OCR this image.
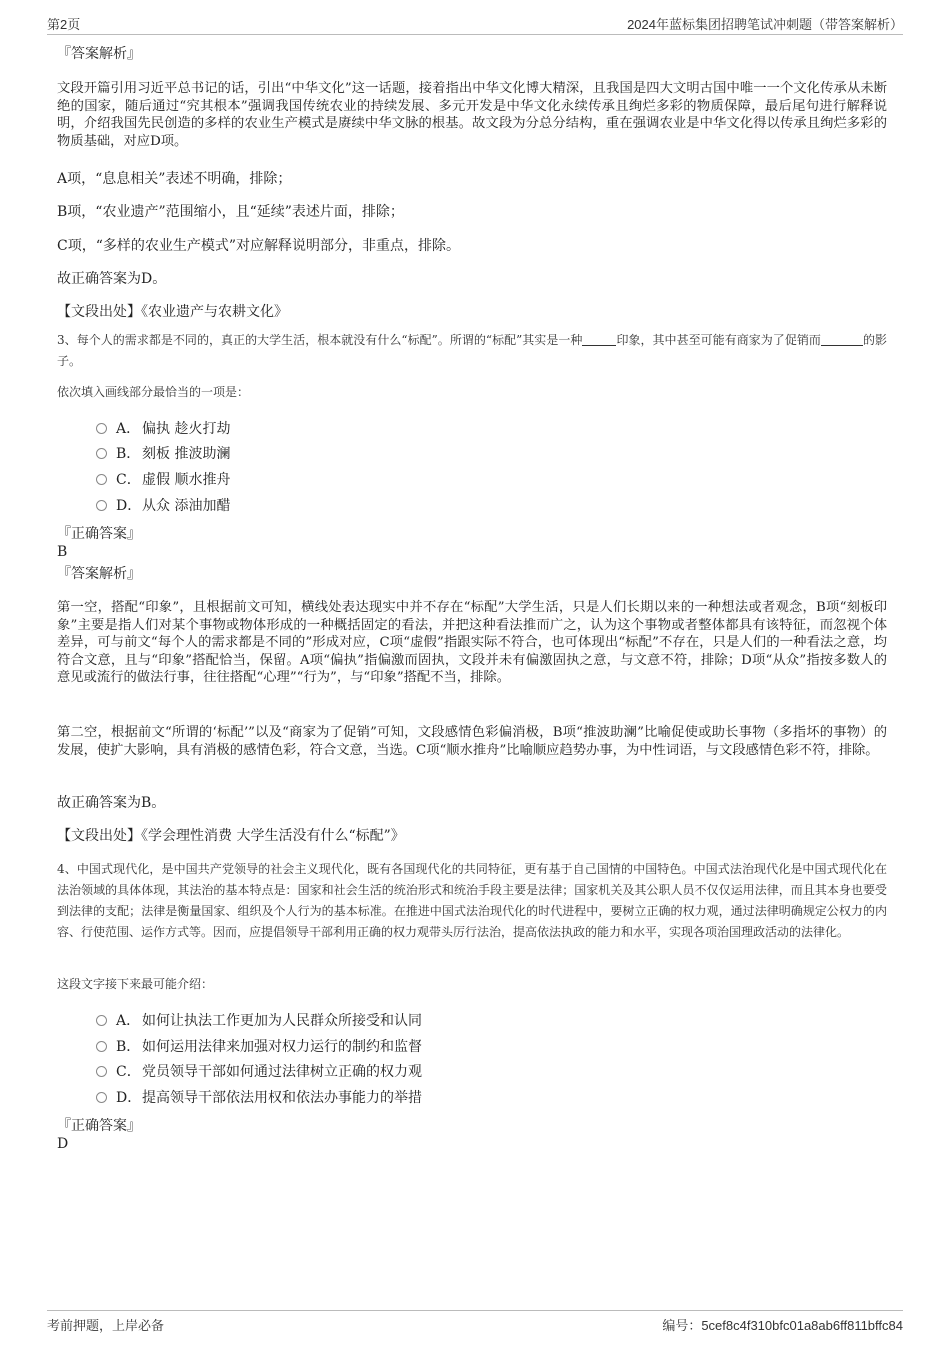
第2页	2024年蓝标集团招聘笔试冲刺题（带答案解析）
『答案解析』
文段开篇引用习近平总书记的话，引出“中华文化”这一话题，接着指出中华文化博大精深，且我国是四大文明古国中唯一一个文化传承从未断绝的国家，随后通过“究其根本”强调我国传统农业的持续发展、多元开发是中华文化永续传承且绚烂多彩的物质保障，最后尾句进行解释说明，介绍我国先民创造的多样的农业生产模式是赓续中华文脉的根基。故文段为分总分结构，重在强调农业是中华文化得以传承且绚烂多彩的物质基础，对应D项。
A项，“息息相关”表述不明确，排除；
B项，“农业遗产”范围缩小，且“延续”表述片面，排除；
C项，“多样的农业生产模式”对应解释说明部分，非重点，排除。
故正确答案为D。
【文段出处】《农业遗产与农耕文化》
3、每个人的需求都是不同的，真正的大学生活，根本就没有什么“标配”。所谓的“标配”其实是一种	印象，其中甚至可能有商家为了促销而	的影子。
依次填入画线部分最恰当的一项是：
A． 偏执 趁火打劫
B． 刻板 推波助澜
C．虚假 顺水推舟
D．从众 添油加醋
『正确答案』
B
『答案解析』
第一空，搭配“印象”，且根据前文可知，横线处表达现实中并不存在“标配”大学生活，只是人们长期以来的一种想法或者观念，B项“刻板印象”主要是指人们对某个事物或物体形成的一种概括固定的看法，并把这种看法推而广之，认为这个事物或者整体都具有该特征，而忽视个体差异，可与前文“每个人的需求都是不同的”形成对应，C项“虚假”指跟实际不符合，也可体现出“标配”不存在，只是人们的一种看法之意，均符合文意，且与“印象”搭配恰当，保留。A项“偏执”指偏激而固执，文段并未有偏激固执之意，与文意不符，排除；D项“从众”指按多数人的意见或流行的做法行事，往往搭配“心理”“行为”，与“印象”搭配不当，排除。
第二空，根据前文“所谓的‘标配’”以及“商家为了促销”可知，文段感情色彩偏消极，B项“推波助澜”比喻促使或助长事物（多指坏的事物）的发展，使扩大影响，具有消极的感情色彩，符合文意，当选。C项“顺水推舟”比喻顺应趋势办事，为中性词语，与文段感情色彩不符，排除。
故正确答案为B。
【文段出处】《学会理性消费 大学生活没有什么“标配”》
4、中国式现代化，是中国共产党领导的社会主义现代化，既有各国现代化的共同特征，更有基于自己国情的中国特色。中国式法治现代化是中国式现代化在法治领域的具体体现，其法治的基本特点是：国家和社会生活的统治形式和统治手段主要是法律；国家机关及其公职人员不仅仅运用法律，而且其本身也要受到法律的支配；法律是衡量国家、组织及个人行为的基本标准。在推进中国式法治现代化的时代进程中，要树立正确的权力观，通过法律明确规定公权力的内容、行使范围、运作方式等。因而，应提倡领导干部利用正确的权力观带头厉行法治，提高依法执政的能力和水平，实现各项治国理政活动的法律化。
这段文字接下来最可能介绍：
A． 如何让执法工作更加为人民群众所接受和认同
B． 如何运用法律来加强对权力运行的制约和监督
C．党员领导干部如何通过法律树立正确的权力观
D．提高领导干部依法用权和依法办事能力的举措
『正确答案』
D
考前押题，上岸必备	编号：5cef8c4f310bfc01a8ab6ff811bffc84
